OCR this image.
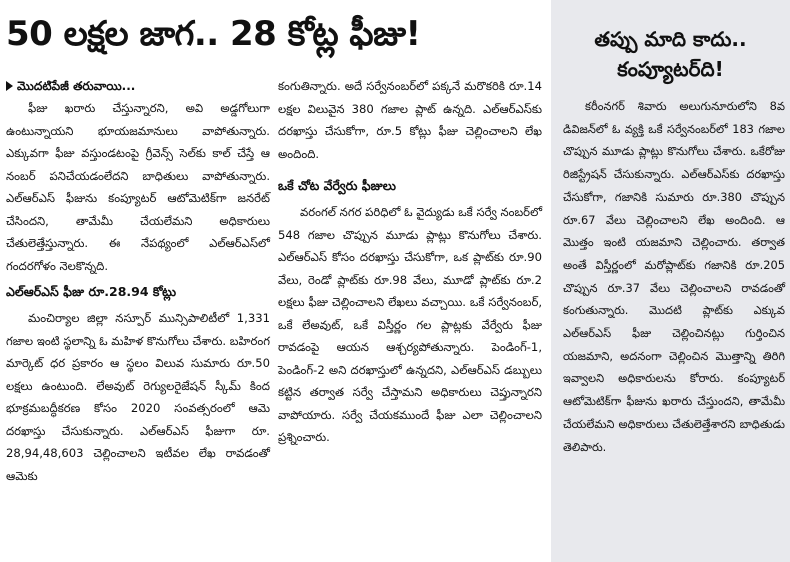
50 లక్షల జాగ.. 28 కోట్ల ఫీజు!
మొదటిపేజీ తరువాయి...

ఫీజు ఖరారు చేస్తున్నారని, అవి అడ్డగోలుగా ఉంటున్నాయని భూయజమానులు వాపోతున్నారు. ఎక్కువగా ఫీజు వస్తుండటంపై గ్రీవెన్స్ సెల్‌కు కాల్ చేస్తే ఆ నంబర్ పనిచేయడంలేదని బాధితులు వాపోతున్నారు. ఎల్ఆర్ఎస్ ఫీజును కంప్యూటర్ ఆటోమెటిక్‌గా జనరేట్ చేసిందని, తామేమీ చేయలేమని అధికారులు చేతులెత్తేస్తున్నారు. ఈ నేపథ్యంలో ఎల్ఆర్ఎస్‌లో గందరగోళం నెలకొన్నది.

ఎల్ఆర్ఎస్ ఫీజు రూ.28.94 కోట్లు

మంచిర్యాల జిల్లా నస్పూర్ మున్సిపాలిటీలో 1,331 గజాల ఇంటి స్థలాన్ని ఓ మహిళ కొనుగోలు చేశారు. బహిరంగ మార్కెట్ ధర ప్రకారం ఆ స్థలం విలువ సుమారు రూ.50 లక్షలు ఉంటుంది. లేఅవుట్ రెగ్యులరైజేషన్ స్కీమ్ కింద భూక్రమబద్ధీకరణ కోసం 2020 సంవత్సరంలో ఆమె దరఖాస్తు చేసుకున్నారు. ఎల్ఆర్ఎస్ ఫీజుగా రూ. 28,94,48,603 చెల్లించాలని ఇటీవల లేఖ రావడంతో ఆమెకు

కంగుతిన్నారు. అదే సర్వేనంబర్‌లో పక్కనే మరొకరికి రూ.14 లక్షల విలువైన 380 గజాల ప్లాట్ ఉన్నది. ఎల్ఆర్ఎస్‌కు దరఖాస్తు చేసుకోగా, రూ.5 కోట్లు ఫీజు చెల్లించాలని లేఖ అందింది.

ఒకే చోట వేర్వేరు ఫీజులు

వరంగల్ నగర పరిధిలో ఓ వైద్యుడు ఒకే సర్వే నంబర్‌లో 548 గజాల చొప్పున మూడు ప్లాట్లు కొనుగోలు చేశారు. ఎల్ఆర్ఎస్ కోసం దరఖాస్తు చేసుకోగా, ఒక ప్లాట్‌కు రూ.90 వేలు, రెండో ప్లాట్‌కు రూ.98 వేలు, మూడో ప్లాట్‌కు రూ.2 లక్షలు ఫీజు చెల్లించాలని లేఖలు వచ్చాయి. ఒకే సర్వేనంబర్, ఒకే లేఅవుట్, ఒకే విస్తీర్ణం గల ప్లాట్లకు వేర్వేరు ఫీజు రావడంపై ఆయన ఆశ్చర్యపోతున్నారు. పెండింగ్-1, పెండింగ్-2 అని దరఖాస్తులో ఉన్నదని, ఎల్ఆర్ఎస్ డబ్బులు కట్టిన తర్వాత సర్వే చేస్తామని అధికారులు చెప్తున్నారని వాపోయారు. సర్వే చేయకముందే ఫీజు ఎలా చెల్లించాలని ప్రశ్నించారు.

తప్పు మాది కాదు..
కంప్యూటర్‌ది!

కరీంనగర్ శివారు అలుగునూరులోని 8వ డివిజన్‌లో ఓ వ్యక్తి ఒకే సర్వేనంబర్‌లో 183 గజాల చొప్పున మూడు ప్లాట్లు కొనుగోలు చేశారు. ఒకేరోజు రిజిస్ట్రేషన్ చేసుకున్నారు. ఎల్ఆర్ఎస్‌కు దరఖాస్తు చేసుకోగా, గజానికి సుమారు రూ.380 చొప్పున రూ.67 వేలు చెల్లించాలని లేఖ అందింది. ఆ మొత్తం ఇంటి యజమాని చెల్లించారు. తర్వాత అంతే విస్తీర్ణంలో మరోప్లాట్‌కు గజానికి రూ.205 చొప్పున రూ.37 వేలు చెల్లించాలని రావడంతో కంగుతున్నారు. మొదటి ప్లాట్‌కు ఎక్కువ ఎల్ఆర్ఎస్ ఫీజు చెల్లించినట్లు గుర్తించిన యజమాని, అదనంగా చెల్లించిన మొత్తాన్ని తిరిగి ఇవ్వాలని అధికారులను కోరారు. కంప్యూటర్ ఆటోమెటిక్‌గా ఫీజును ఖరారు చేస్తుందని, తామేమీ చేయలేమని అధికారులు చేతులెత్తేశారని బాధితుడు తెలిపారు.
